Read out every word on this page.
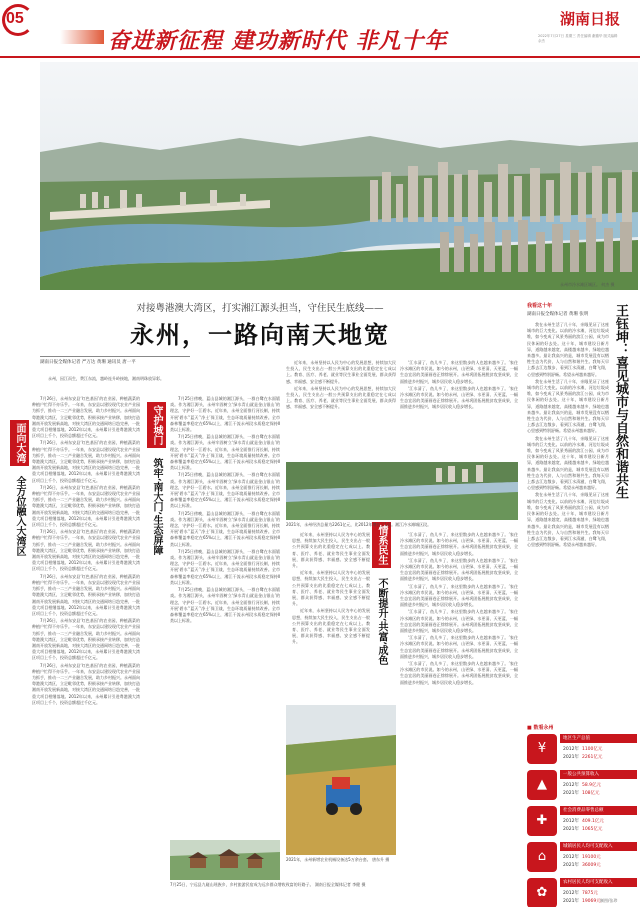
05
奋进新征程 建功新时代 非凡十年
湖南日报
2022年7月27日 星期三 责任编辑 谢璐华 版式编辑 余杰
永州市冷水滩区城区。 何杰 摄
对接粤港澳大湾区，打实湘江源头担当，守住民生底线——
永州，一路向南天地宽
湖南日报全媒体记者 严万达 黄珊 通讯员 唐一平

永州，因江而生，费江东流，越岭连升岭接地，湘南明珠放异彩。

面向大湾
全方位融入大湾区
守护城门
筑牢‘南大门’生态屏障	情系民生
不断提升‘共富’成色

7月26日，永州东安县‘红色基因’的农业园，种植蔬菜的种植户忙得不亦乐乎。一年来，东安县以建设现代农业产业园为抓手，推动一二三产业融合发展，助力乡村振兴。永州面向粤港澳大湾区，立足毗邻优势，积极承接产业转移，加快打造湘南开放发展新高地，对接大湾区的交通网络日趋完善，一批重大项目相继落地。2012年以来，永州累计引进粤港澳大湾区项目上千个，投资总额超过千亿元。

7月26日，永州东安县‘红色基因’的农业园，种植蔬菜的种植户忙得不亦乐乎。一年来，东安县以建设现代农业产业园为抓手，推动一二三产业融合发展，助力乡村振兴。永州面向粤港澳大湾区，立足毗邻优势，积极承接产业转移，加快打造湘南开放发展新高地，对接大湾区的交通网络日趋完善，一批重大项目相继落地。2012年以来，永州累计引进粤港澳大湾区项目上千个，投资总额超过千亿元。

7月26日，永州东安县‘红色基因’的农业园，种植蔬菜的种植户忙得不亦乐乎。一年来，东安县以建设现代农业产业园为抓手，推动一二三产业融合发展，助力乡村振兴。永州面向粤港澳大湾区，立足毗邻优势，积极承接产业转移，加快打造湘南开放发展新高地，对接大湾区的交通网络日趋完善，一批重大项目相继落地。2012年以来，永州累计引进粤港澳大湾区项目上千个，投资总额超过千亿元。

7月26日，永州东安县‘红色基因’的农业园，种植蔬菜的种植户忙得不亦乐乎。一年来，东安县以建设现代农业产业园为抓手，推动一二三产业融合发展，助力乡村振兴。永州面向粤港澳大湾区，立足毗邻优势，积极承接产业转移，加快打造湘南开放发展新高地，对接大湾区的交通网络日趋完善，一批重大项目相继落地。2012年以来，永州累计引进粤港澳大湾区项目上千个，投资总额超过千亿元。

7月26日，永州东安县‘红色基因’的农业园，种植蔬菜的种植户忙得不亦乐乎。一年来，东安县以建设现代农业产业园为抓手，推动一二三产业融合发展，助力乡村振兴。永州面向粤港澳大湾区，立足毗邻优势，积极承接产业转移，加快打造湘南开放发展新高地，对接大湾区的交通网络日趋完善，一批重大项目相继落地。2012年以来，永州累计引进粤港澳大湾区项目上千个，投资总额超过千亿元。

7月26日，永州东安县‘红色基因’的农业园，种植蔬菜的种植户忙得不亦乐乎。一年来，东安县以建设现代农业产业园为抓手，推动一二三产业融合发展，助力乡村振兴。永州面向粤港澳大湾区，立足毗邻优势，积极承接产业转移，加快打造湘南开放发展新高地，对接大湾区的交通网络日趋完善，一批重大项目相继落地。2012年以来，永州累计引进粤港澳大湾区项目上千个，投资总额超过千亿元。

7月26日，永州东安县‘红色基因’的农业园，种植蔬菜的种植户忙得不亦乐乎。一年来，东安县以建设现代农业产业园为抓手，推动一二三产业融合发展，助力乡村振兴。永州面向粤港澳大湾区，立足毗邻优势，积极承接产业转移，加快打造湘南开放发展新高地，对接大湾区的交通网络日趋完善，一批重大项目相继落地。2012年以来，永州累计引进粤港澳大湾区项目上千个，投资总额超过千亿元。

7月25日傍晚，蓝山县城的湘江源头，一群白鹭在水面嬉戏。作为湘江源头，永州牢固树立‘绿水青山就是金山银山’的理念，守护好一江碧水。近年来，永州全面推行河长制，持续开展‘碧水’‘蓝天’‘净土’保卫战，生态环境质量持续改善。全市森林覆盖率稳定在65%以上，湘江干流永州段水质稳定保持Ⅱ类以上标准。

7月25日傍晚，蓝山县城的湘江源头，一群白鹭在水面嬉戏。作为湘江源头，永州牢固树立‘绿水青山就是金山银山’的理念，守护好一江碧水。近年来，永州全面推行河长制，持续开展‘碧水’‘蓝天’‘净土’保卫战，生态环境质量持续改善。全市森林覆盖率稳定在65%以上，湘江干流永州段水质稳定保持Ⅱ类以上标准。

7月25日傍晚，蓝山县城的湘江源头，一群白鹭在水面嬉戏。作为湘江源头，永州牢固树立‘绿水青山就是金山银山’的理念，守护好一江碧水。近年来，永州全面推行河长制，持续开展‘碧水’‘蓝天’‘净土’保卫战，生态环境质量持续改善。全市森林覆盖率稳定在65%以上，湘江干流永州段水质稳定保持Ⅱ类以上标准。

7月25日傍晚，蓝山县城的湘江源头，一群白鹭在水面嬉戏。作为湘江源头，永州牢固树立‘绿水青山就是金山银山’的理念，守护好一江碧水。近年来，永州全面推行河长制，持续开展‘碧水’‘蓝天’‘净土’保卫战，生态环境质量持续改善。全市森林覆盖率稳定在65%以上，湘江干流永州段水质稳定保持Ⅱ类以上标准。

7月25日傍晚，蓝山县城的湘江源头，一群白鹭在水面嬉戏。作为湘江源头，永州牢固树立‘绿水青山就是金山银山’的理念，守护好一江碧水。近年来，永州全面推行河长制，持续开展‘碧水’‘蓝天’‘净土’保卫战，生态环境质量持续改善。全市森林覆盖率稳定在65%以上，湘江干流永州段水质稳定保持Ⅱ类以上标准。

7月25日傍晚，蓝山县城的湘江源头，一群白鹭在水面嬉戏。作为湘江源头，永州牢固树立‘绿水青山就是金山银山’的理念，守护好一江碧水。近年来，永州全面推行河长制，持续开展‘碧水’‘蓝天’‘净土’保卫战，生态环境质量持续改善。全市森林覆盖率稳定在65%以上，湘江干流永州段水质稳定保持Ⅱ类以上标准。

近年来，永州坚持以人民为中心的发展思想，持续加大民生投入，民生支出占一般公共预算支出的比重稳定在七成以上。教育、医疗、养老、就业等民生事业全面发展，群众获得感、幸福感、安全感不断提升。

近年来，永州坚持以人民为中心的发展思想，持续加大民生投入，民生支出占一般公共预算支出的比重稳定在七成以上。教育、医疗、养老、就业等民生事业全面发展，群众获得感、幸福感、安全感不断提升。

‘江水清了，鱼儿多了，来这里散步的人也越来越多了。’家住冷水滩区的市民说。如今的永州，山更绿、水更清、天更蓝，一幅生态宜居的美丽画卷正徐徐展开。永州巩固拓展脱贫攻坚成果，全面推进乡村振兴，城乡居民收入稳步增长。

‘江水清了，鱼儿多了，来这里散步的人也越来越多了。’家住冷水滩区的市民说。如今的永州，山更绿、水更清、天更蓝，一幅生态宜居的美丽画卷正徐徐展开。永州巩固拓展脱贫攻坚成果，全面推进乡村振兴，城乡居民收入稳步增长。

2021年，永州经济总量为2261亿元，比2012年增长了1倍。湘江冷水滩城区段。

近年来，永州坚持以人民为中心的发展思想，持续加大民生投入，民生支出占一般公共预算支出的比重稳定在七成以上。教育、医疗、养老、就业等民生事业全面发展，群众获得感、幸福感、安全感不断提升。

近年来，永州坚持以人民为中心的发展思想，持续加大民生投入，民生支出占一般公共预算支出的比重稳定在七成以上。教育、医疗、养老、就业等民生事业全面发展，群众获得感、幸福感、安全感不断提升。

近年来，永州坚持以人民为中心的发展思想，持续加大民生投入，民生支出占一般公共预算支出的比重稳定在七成以上。教育、医疗、养老、就业等民生事业全面发展，群众获得感、幸福感、安全感不断提升。

‘江水清了，鱼儿多了，来这里散步的人也越来越多了。’家住冷水滩区的市民说。如今的永州，山更绿、水更清、天更蓝，一幅生态宜居的美丽画卷正徐徐展开。永州巩固拓展脱贫攻坚成果，全面推进乡村振兴，城乡居民收入稳步增长。

‘江水清了，鱼儿多了，来这里散步的人也越来越多了。’家住冷水滩区的市民说。如今的永州，山更绿、水更清、天更蓝，一幅生态宜居的美丽画卷正徐徐展开。永州巩固拓展脱贫攻坚成果，全面推进乡村振兴，城乡居民收入稳步增长。

‘江水清了，鱼儿多了，来这里散步的人也越来越多了。’家住冷水滩区的市民说。如今的永州，山更绿、水更清、天更蓝，一幅生态宜居的美丽画卷正徐徐展开。永州巩固拓展脱贫攻坚成果，全面推进乡村振兴，城乡居民收入稳步增长。

‘江水清了，鱼儿多了，来这里散步的人也越来越多了。’家住冷水滩区的市民说。如今的永州，山更绿、水更清、天更蓝，一幅生态宜居的美丽画卷正徐徐展开。永州巩固拓展脱贫攻坚成果，全面推进乡村振兴，城乡居民收入稳步增长。

‘江水清了，鱼儿多了，来这里散步的人也越来越多了。’家住冷水滩区的市民说。如今的永州，山更绿、水更清、天更蓝，一幅生态宜居的美丽画卷正徐徐展开。永州巩固拓展脱贫攻坚成果，全面推进乡村振兴，城乡居民收入稳步增长。

‘江水清了，鱼儿多了，来这里散步的人也越来越多了。’家住冷水滩区的市民说。如今的永州，山更绿、水更清、天更蓝，一幅生态宜居的美丽画卷正徐徐展开。永州巩固拓展脱贫攻坚成果，全面推进乡村振兴，城乡居民收入稳步增长。

7月25日，宁远县九嶷山瑶族乡，乡村旅游民宿成为远乡群众增收致富的好路子。 湖南日报全媒体记者 李健 摄
2021年，永州新增农业机械设备达5万余台套。 唐东升 摄
我看这十年
湖南日报全媒体记者 黄珊 张明

我在永州生活了几十年，亲眼见证了这座城市的巨大变化。以前的冷水滩，河边垃圾成堆，如今变成了风景秀丽的滨江公园，成为市民休闲的好去处。这十年，城市建设日新月异，道路越来越宽，高楼越来越多，绿地也越来越多。最让我高兴的是，城市发展没有以牺牲生态为代价，人与自然和谐共生。我每天早上都去江边散步，看到江水清澈，白鹭飞翔，心里感到特别舒畅。希望永州越来越好。

我在永州生活了几十年，亲眼见证了这座城市的巨大变化。以前的冷水滩，河边垃圾成堆，如今变成了风景秀丽的滨江公园，成为市民休闲的好去处。这十年，城市建设日新月异，道路越来越宽，高楼越来越多，绿地也越来越多。最让我高兴的是，城市发展没有以牺牲生态为代价，人与自然和谐共生。我每天早上都去江边散步，看到江水清澈，白鹭飞翔，心里感到特别舒畅。希望永州越来越好。

我在永州生活了几十年，亲眼见证了这座城市的巨大变化。以前的冷水滩，河边垃圾成堆，如今变成了风景秀丽的滨江公园，成为市民休闲的好去处。这十年，城市建设日新月异，道路越来越宽，高楼越来越多，绿地也越来越多。最让我高兴的是，城市发展没有以牺牲生态为代价，人与自然和谐共生。我每天早上都去江边散步，看到江水清澈，白鹭飞翔，心里感到特别舒畅。希望永州越来越好。

我在永州生活了几十年，亲眼见证了这座城市的巨大变化。以前的冷水滩，河边垃圾成堆，如今变成了风景秀丽的滨江公园，成为市民休闲的好去处。这十年，城市建设日新月异，道路越来越宽，高楼越来越多，绿地也越来越多。最让我高兴的是，城市发展没有以牺牲生态为代价，人与自然和谐共生。我每天早上都去江边散步，看到江水清澈，白鹭飞翔，心里感到特别舒畅。希望永州越来越好。

王钰坤：喜见城市与自然和谐共生
■ 数看永州
¥
地区生产总值
2012年 1100亿元
2021年 2261亿元
▲
一般公共预算收入
2012年 58.9亿元
2021年 108亿元
✚
社会消费品零售总额
2012年 409.1亿元
2021年 1065亿元
⌂
城镇居民人均可支配收入
2012年 19100元
2021年 36009元
✿
农村居民人均可支配收入
2012年 7875元
2021年 19069元 制图/张珍
